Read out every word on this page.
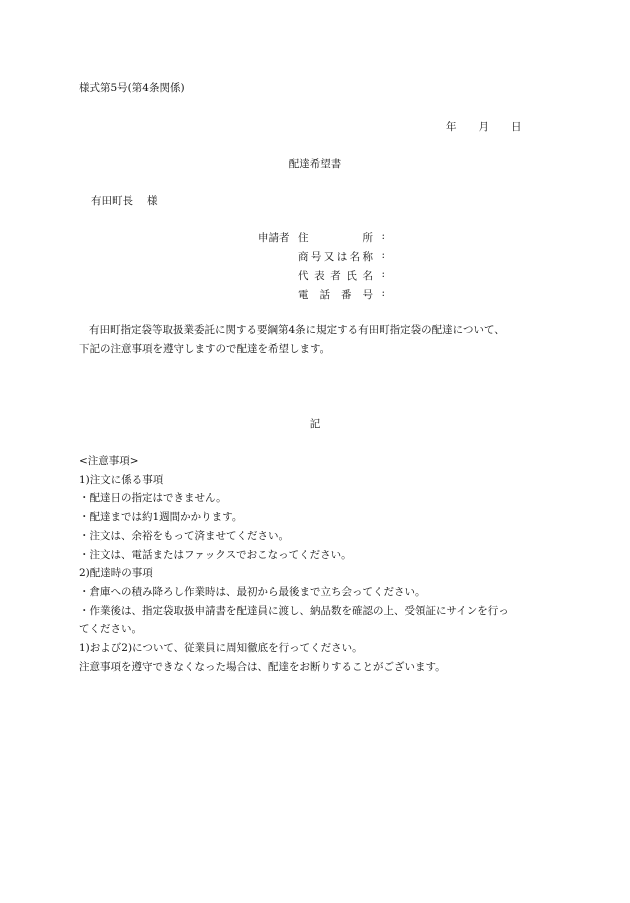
様式第5号(第4条関係)
年 月 日
配達希望書
有田町長 様
申請者 住所 :
商号又は名称 :
代表者氏名 :
電話番号 :

有田町指定袋等取扱業委託に関する要綱第4条に規定する有田町指定袋の配達について、

下記の注意事項を遵守しますので配達を希望します。

記
<注意事項>
1)注文に係る事項
・配達日の指定はできません。
・配達までは約1週間かかります。
・注文は、余裕をもって済ませてください。
・注文は、電話またはファックスでおこなってください。
2)配達時の事項
・倉庫への積み降ろし作業時は、最初から最後まで立ち会ってください。
・作業後は、指定袋取扱申請書を配達員に渡し、納品数を確認の上、受領証にサインを行っ
てください。
1)および2)について、従業員に周知徹底を行ってください。
注意事項を遵守できなくなった場合は、配達をお断りすることがございます。
